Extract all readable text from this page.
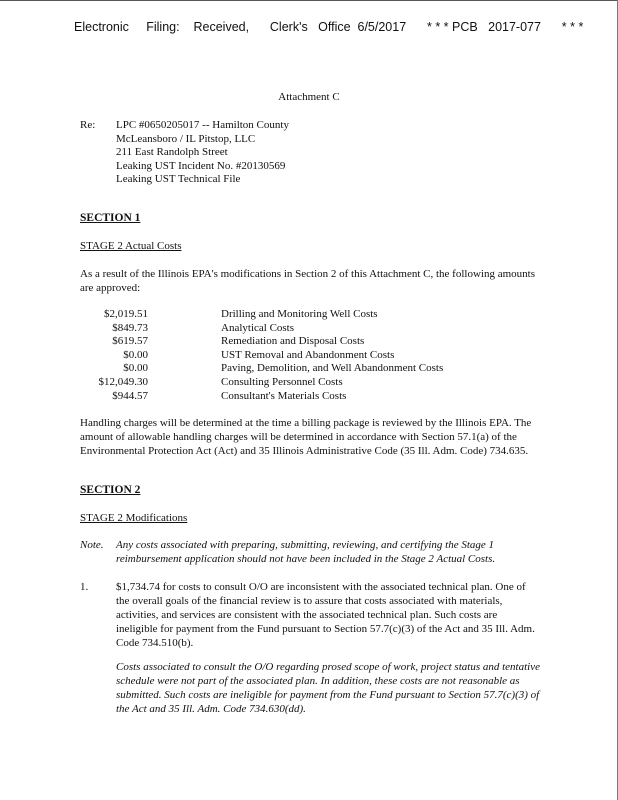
Electronic     Filing:    Received,      Clerk's   Office  6/5/2017      * * * PCB   2017-077      * * *
Attachment C
Re: LPC #0650205017 -- Hamilton County
McLeansboro / IL Pitstop, LLC
211 East Randolph Street
Leaking UST Incident No. #20130569
Leaking UST Technical File
SECTION 1
STAGE 2 Actual Costs
As a result of the Illinois EPA's modifications in Section 2 of this Attachment C, the following amounts are approved:
$2,019.51	Drilling and Monitoring Well Costs
$849.73	Analytical Costs
$619.57	Remediation and Disposal Costs
$0.00	UST Removal and Abandonment Costs
$0.00	Paving, Demolition, and Well Abandonment Costs
$12,049.30	Consulting Personnel Costs
$944.57	Consultant's Materials Costs
Handling charges will be determined at the time a billing package is reviewed by the Illinois EPA. The amount of allowable handling charges will be determined in accordance with Section 57.1(a) of the Environmental Protection Act (Act) and 35 Illinois Administrative Code (35 Ill. Adm. Code) 734.635.
SECTION 2
STAGE 2 Modifications
Note.	Any costs associated with preparing, submitting, reviewing, and certifying the Stage 1 reimbursement application should not have been included in the Stage 2 Actual Costs.
1.	$1,734.74 for costs to consult O/O are inconsistent with the associated technical plan. One of the overall goals of the financial review is to assure that costs associated with materials, activities, and services are consistent with the associated technical plan. Such costs are ineligible for payment from the Fund pursuant to Section 57.7(c)(3) of the Act and 35 Ill. Adm. Code 734.510(b).
Costs associated to consult the O/O regarding prosed scope of work, project status and tentative schedule were not part of the associated plan. In addition, these costs are not reasonable as submitted. Such costs are ineligible for payment from the Fund pursuant to Section 57.7(c)(3) of the Act and 35 Ill. Adm. Code 734.630(dd).
